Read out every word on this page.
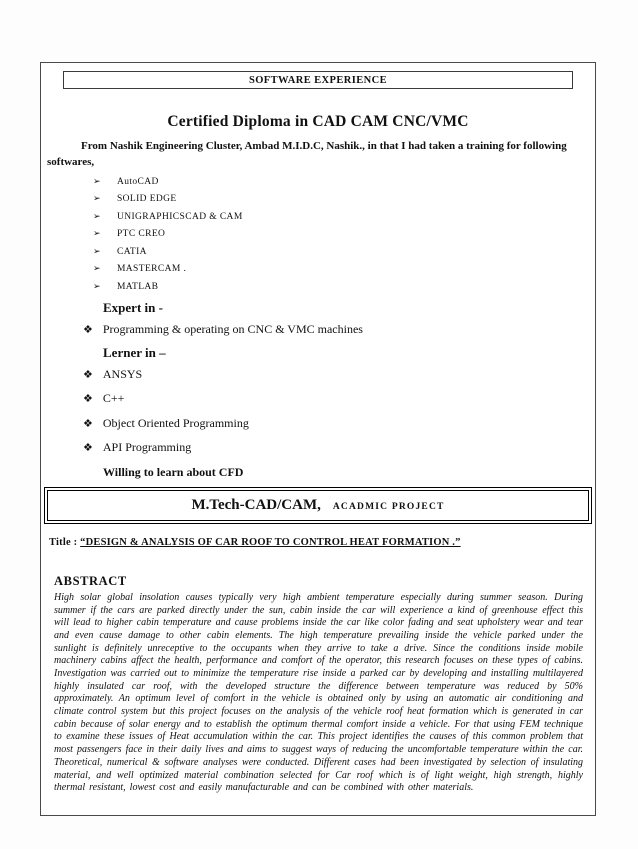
SOFTWARE EXPERIENCE
Certified Diploma in CAD CAM CNC/VMC

From Nashik Engineering Cluster, Ambad M.I.D.C, Nashik., in that I had taken a training for following softwares,

➢ AutoCAD
➢ SOLID EDGE
➢ UNIGRAPHICSCAD & CAM
➢ PTC CREO
➢ CATIA
➢ MASTERCAM .
➢ MATLAB
Expert in -
❖ Programming & operating on CNC & VMC machines
Lerner in –
❖ ANSYS
❖ C++
❖ Object Oriented Programming
❖ API Programming
Willing to learn about CFD
M.Tech-CAD/CAM, ACADMIC PROJECT

Title : “DESIGN & ANALYSIS OF CAR ROOF TO CONTROL HEAT FORMATION .”

ABSTRACT

High solar global insolation causes typically very high ambient temperature especially during summer season. During summer if the cars are parked directly under the sun, cabin inside the car will experience a kind of greenhouse effect this will lead to higher cabin temperature and cause problems inside the car like color fading and seat upholstery wear and tear and even cause damage to other cabin elements. The high temperature prevailing inside the vehicle parked under the sunlight is definitely unreceptive to the occupants when they arrive to take a drive. Since the conditions inside mobile machinery cabins affect the health, performance and comfort of the operator, this research focuses on these types of cabins. Investigation was carried out to minimize the temperature rise inside a parked car by developing and installing multilayered highly insulated car roof, with the developed structure the difference between temperature was reduced by 50% approximately. An optimum level of comfort in the vehicle is obtained only by using an automatic air conditioning and climate control system but this project focuses on the analysis of the vehicle roof heat formation which is generated in car cabin because of solar energy and to establish the optimum thermal comfort inside a vehicle. For that using FEM technique to examine these issues of Heat accumulation within the car. This project identifies the causes of this common problem that most passengers face in their daily lives and aims to suggest ways of reducing the uncomfortable temperature within the car. Theoretical, numerical & software analyses were conducted. Different cases had been investigated by selection of insulating material, and well optimized material combination selected for Car roof which is of light weight, high strength, highly thermal resistant, lowest cost and easily manufacturable and can be combined with other materials.
